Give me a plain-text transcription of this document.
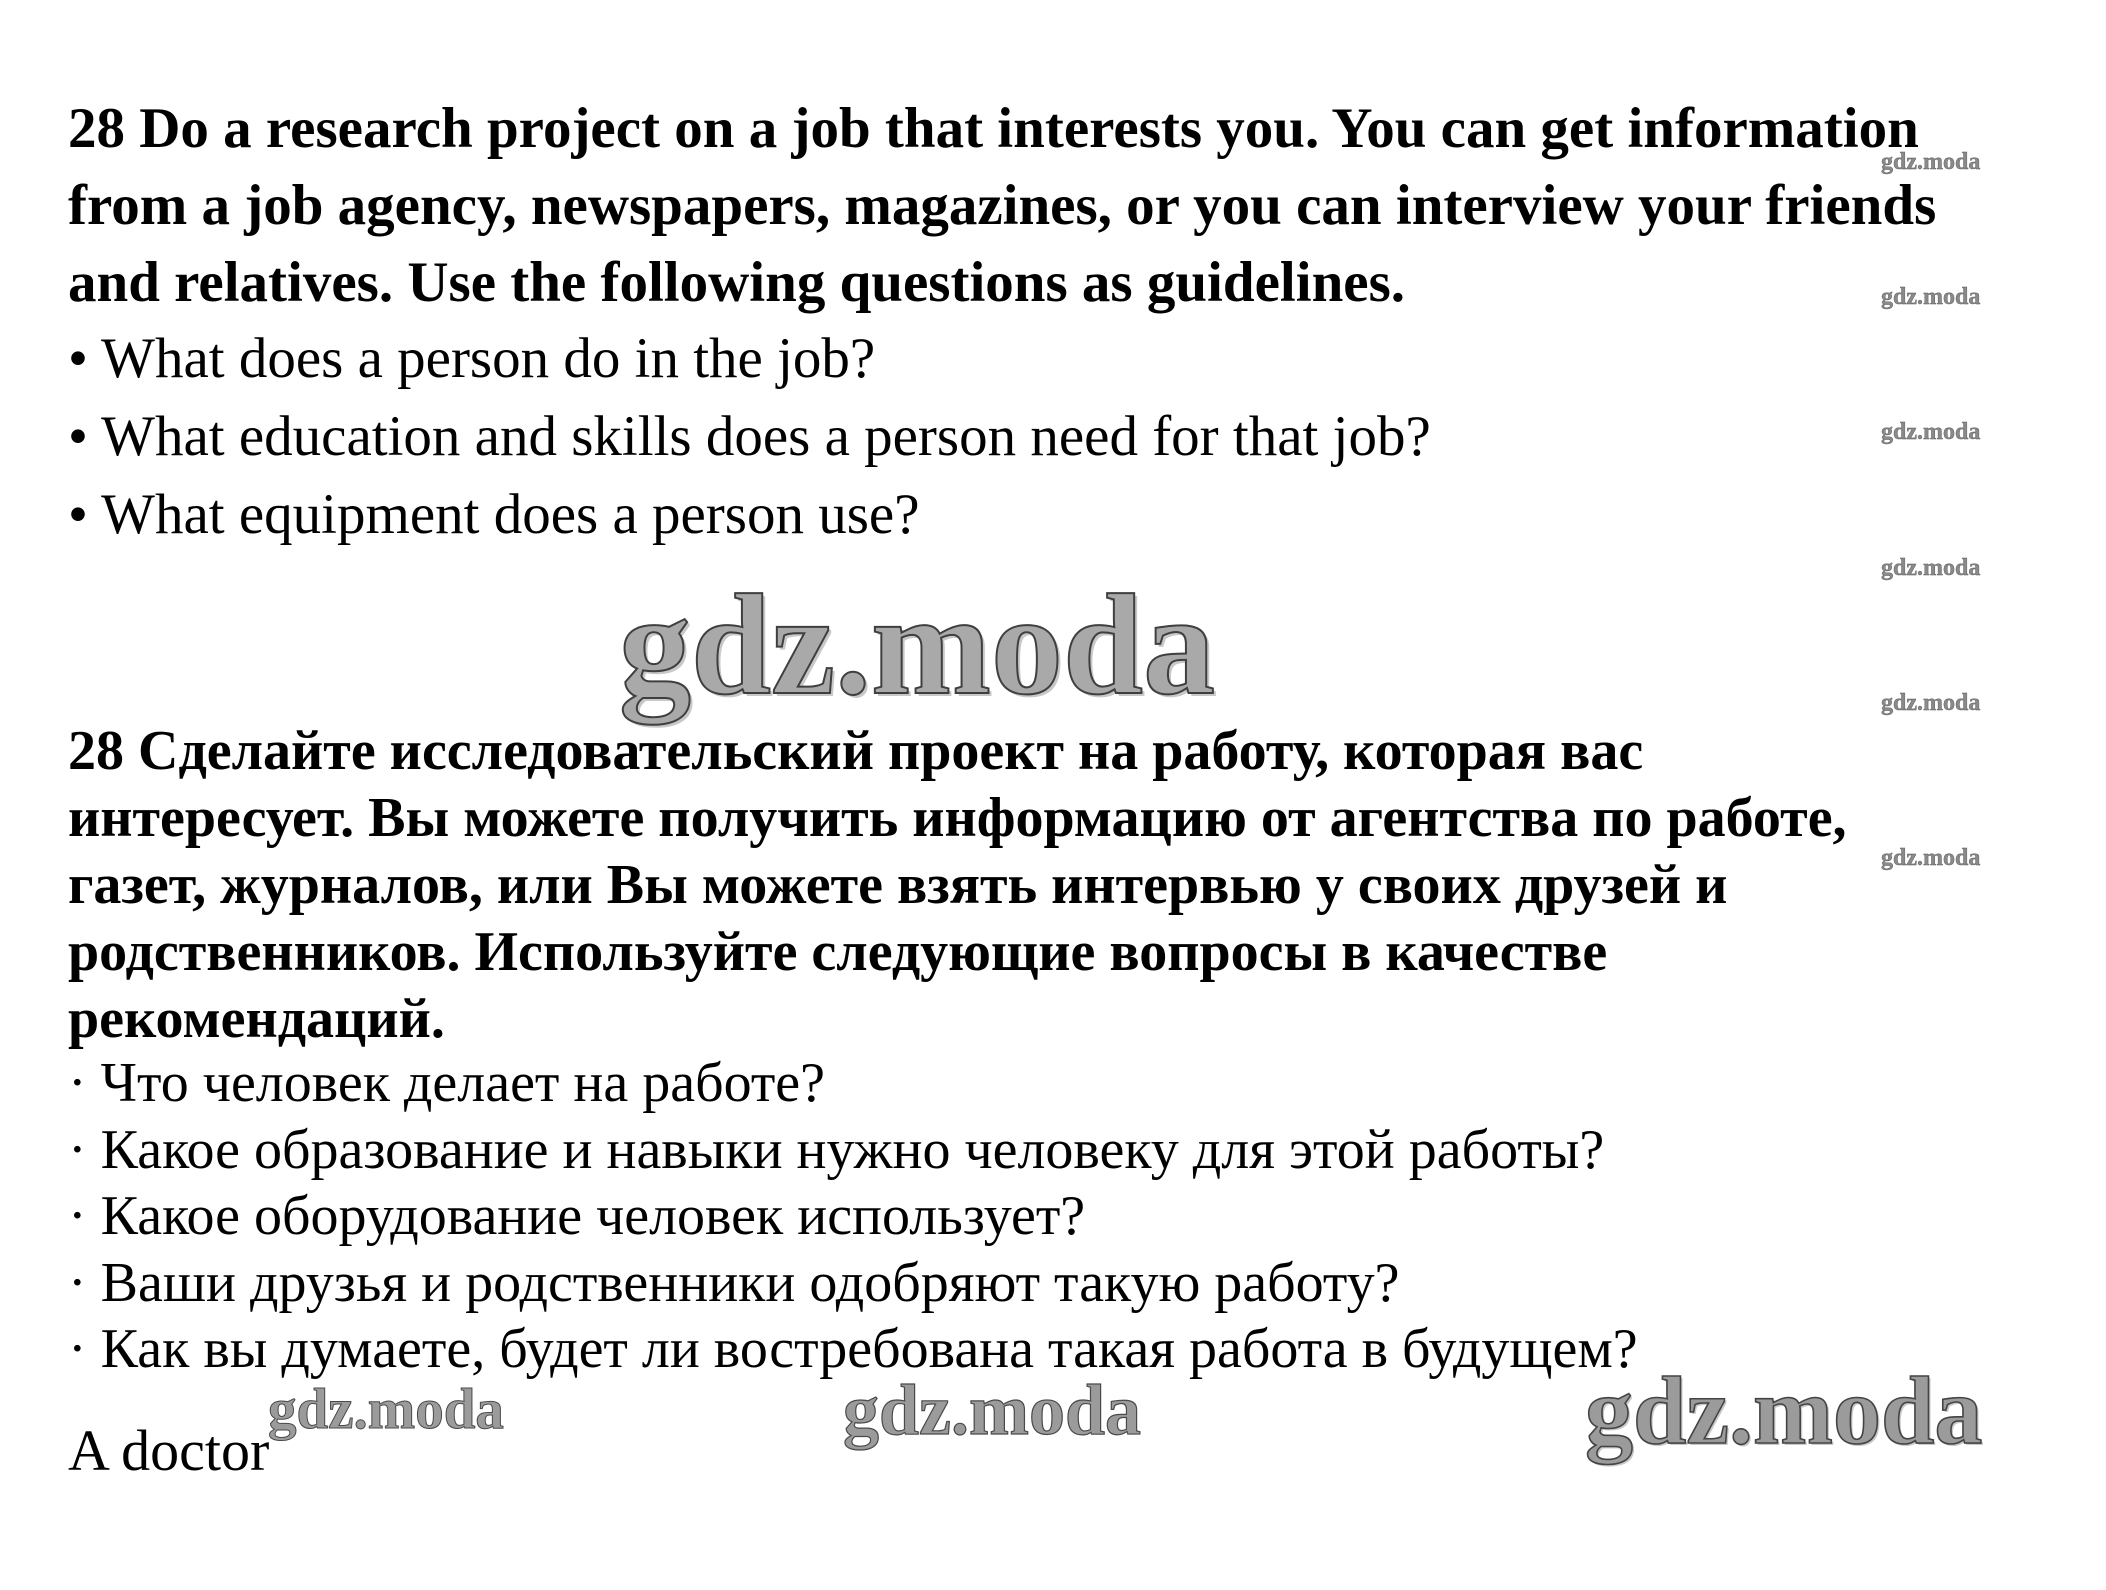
28 Do a research project on a job that interests you. You can get information
from a job agency, newspapers, magazines, or you can interview your friends
and relatives. Use the following questions as guidelines.
• What does a person do in the job?
• What education and skills does a person need for that job?
• What equipment does a person use?
28 Сделайте исследовательский проект на работу, которая вас
интересует. Вы можете получить информацию от агентства по работе,
газет, журналов, или Вы можете взять интервью у своих друзей и
родственников. Используйте следующие вопросы в качестве
рекомендаций.
· Что человек делает на работе?
· Какое образование и навыки нужно человеку для этой работы?
· Какое оборудование человек использует?
· Ваши друзья и родственники одобряют такую работу?
· Как вы думаете, будет ли востребована такая работа в будущем?
A doctor
gdz.moda
gdz.moda
gdz.moda
gdz.moda
gdz.moda
gdz.moda
gdz.moda
gdz.moda	gdz.moda	gdz.moda
